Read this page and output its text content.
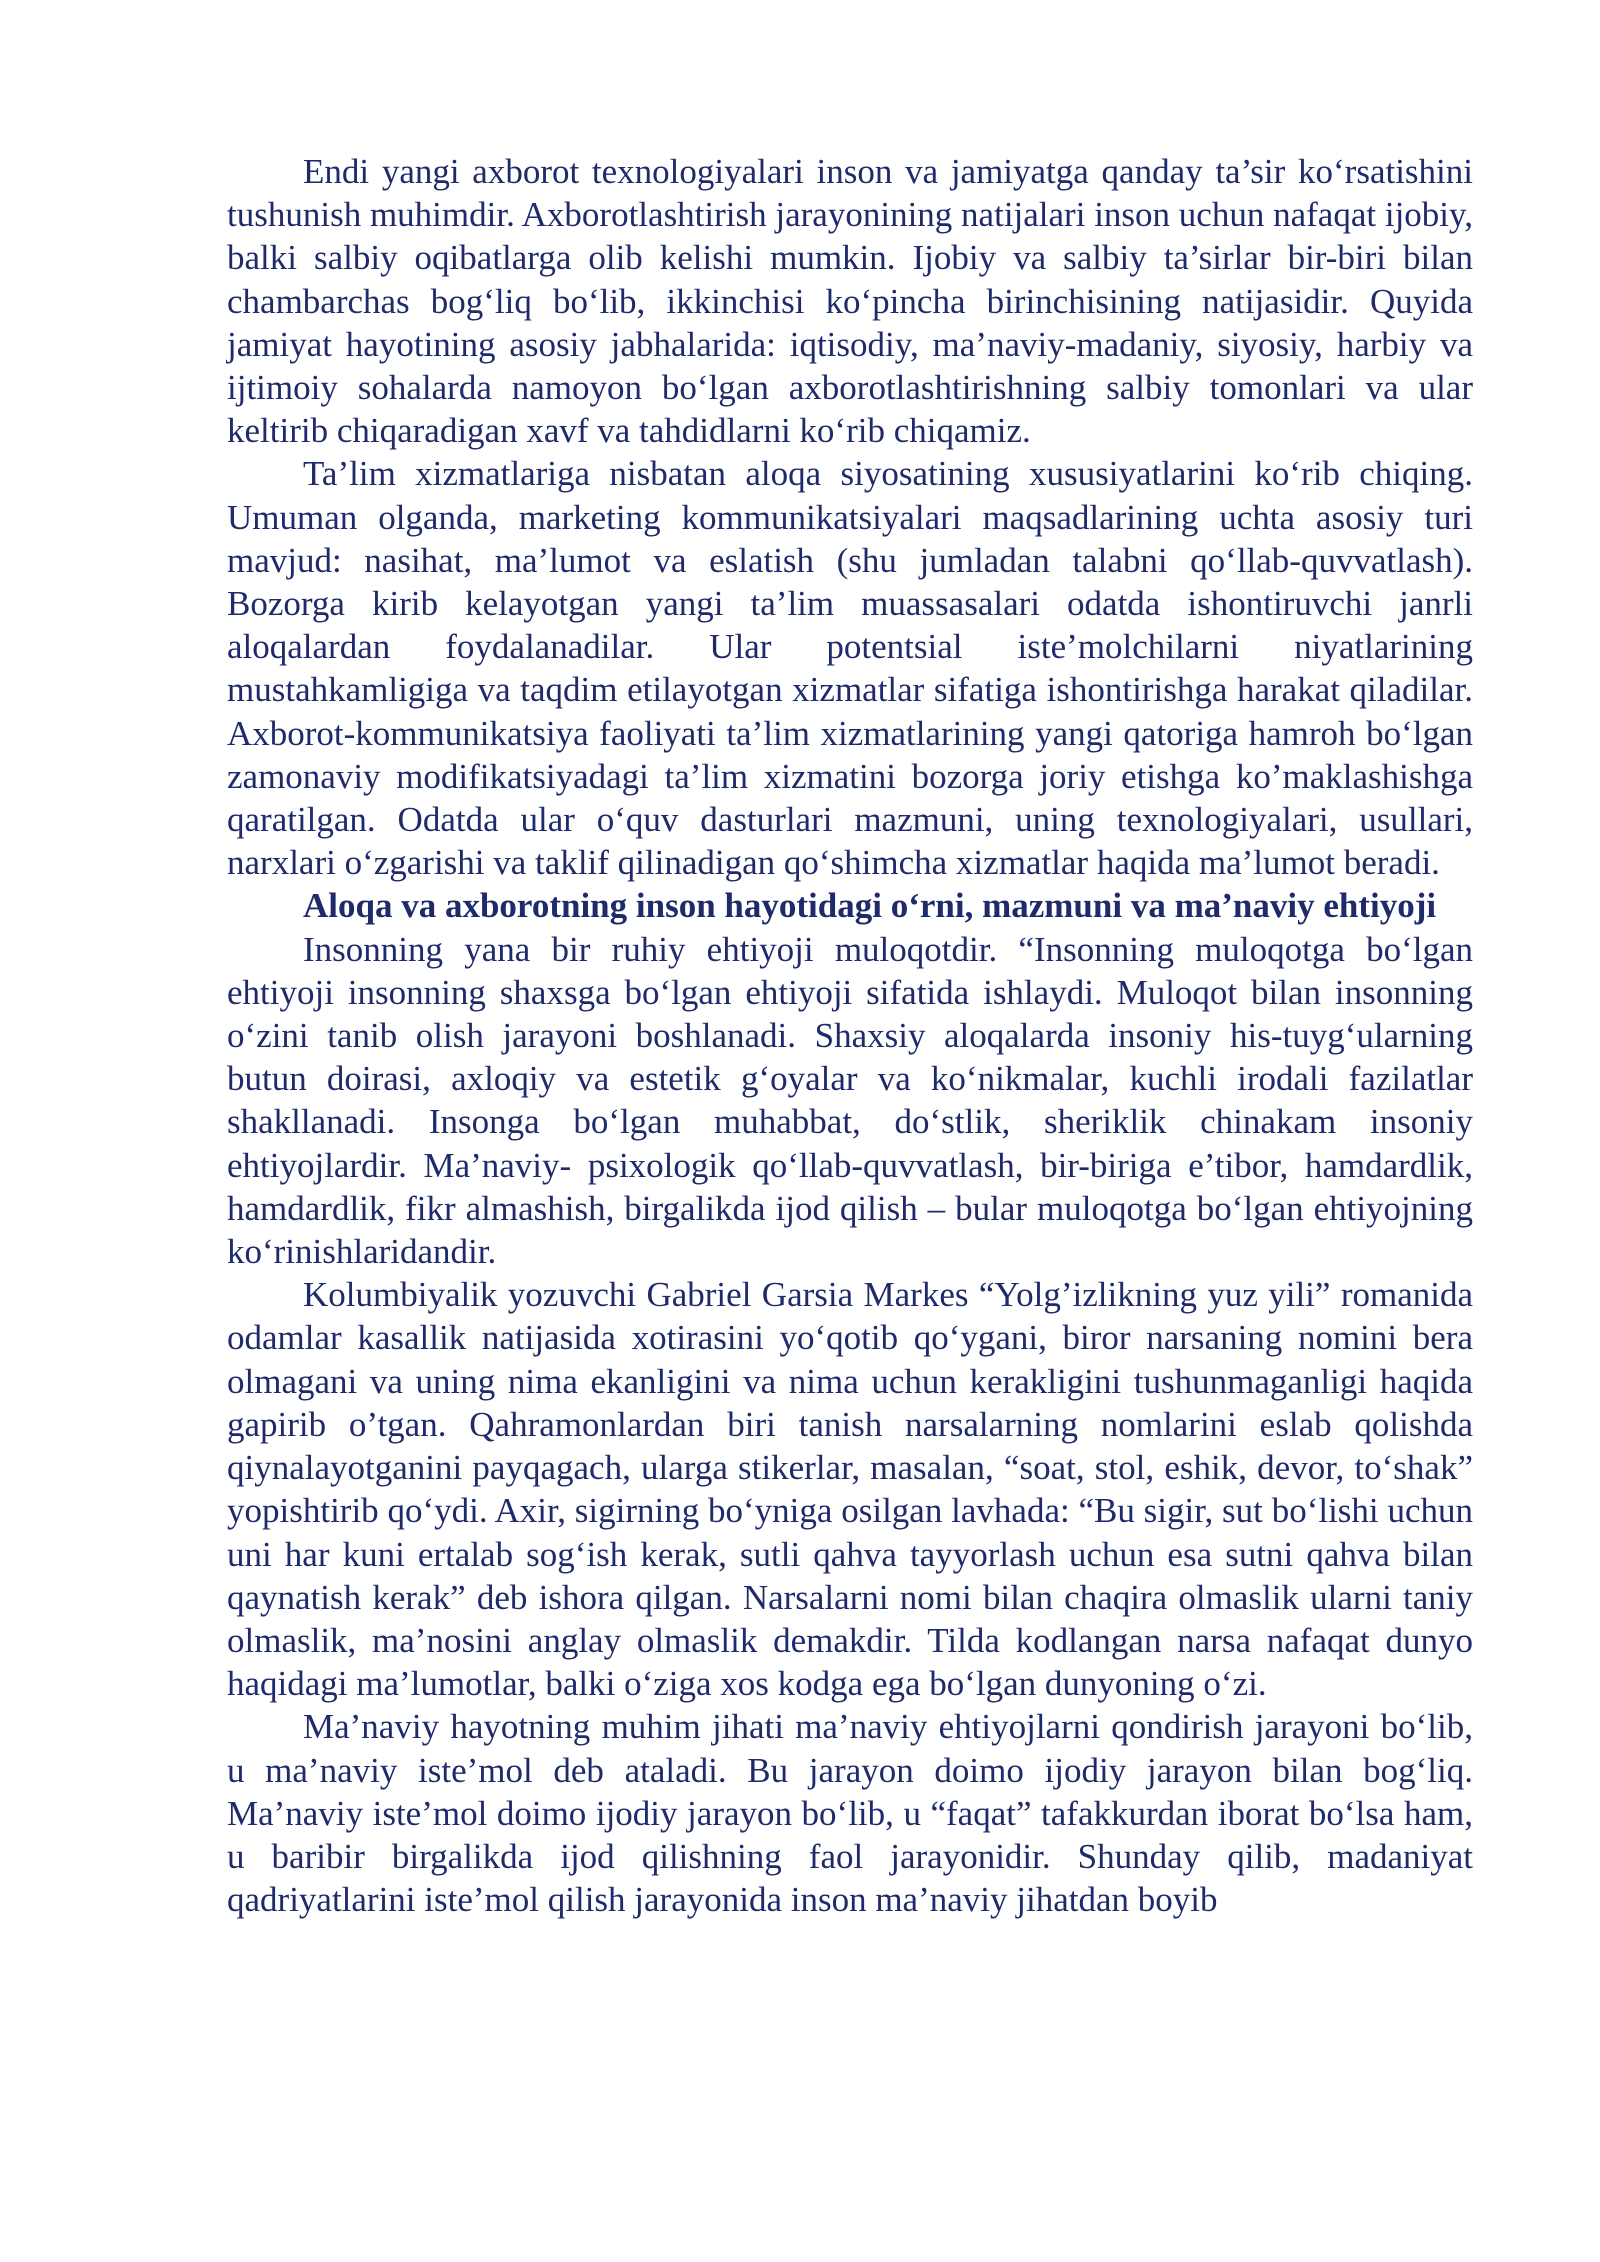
Endi yangi axborot texnologiyalari inson va jamiyatga qanday ta’sir ko‘rsatishini tushunish muhimdir. Axborotlashtirish jarayonining natijalari inson uchun nafaqat ijobiy, balki salbiy oqibatlarga olib kelishi mumkin. Ijobiy va salbiy ta’sirlar bir-biri bilan chambarchas bog‘liq bo‘lib, ikkinchisi ko‘pincha birinchisining natijasidir. Quyida jamiyat hayotining asosiy jabhalarida: iqtisodiy, ma’naviy-madaniy, siyosiy, harbiy va ijtimoiy sohalarda namoyon bo‘lgan axborotlashtirishning salbiy tomonlari va ular keltirib chiqaradigan xavf va tahdidlarni ko‘rib chiqamiz.

Ta’lim xizmatlariga nisbatan aloqa siyosatining xususiyatlarini ko‘rib chiqing. Umuman olganda, marketing kommunikatsiyalari maqsadlarining uchta asosiy turi mavjud: nasihat, ma’lumot va eslatish (shu jumladan talabni qo‘llab-quvvatlash). Bozorga kirib kelayotgan yangi ta’lim muassasalari odatda ishontiruvchi janrli aloqalardan foydalanadilar. Ular potentsial iste’molchilarni niyatlarining mustahkamligiga va taqdim etilayotgan xizmatlar sifatiga ishontirishga harakat qiladilar. Axborot-kommunikatsiya faoliyati ta’lim xizmatlarining yangi qatoriga hamroh bo‘lgan zamonaviy modifikatsiyadagi ta’lim xizmatini bozorga joriy etishga ko’maklashishga qaratilgan. Odatda ular o‘quv dasturlari mazmuni, uning texnologiyalari, usullari, narxlari o‘zgarishi va taklif qilinadigan qo‘shimcha xizmatlar haqida ma’lumot beradi.

Aloqa va axborotning inson hayotidagi o‘rni, mazmuni va ma’naviy ehtiyoji

Insonning yana bir ruhiy ehtiyoji muloqotdir. “Insonning muloqotga bo‘lgan ehtiyoji insonning shaxsga bo‘lgan ehtiyoji sifatida ishlaydi. Muloqot bilan insonning o‘zini tanib olish jarayoni boshlanadi. Shaxsiy aloqalarda insoniy his-tuyg‘ularning butun doirasi, axloqiy va estetik g‘oyalar va ko‘nikmalar, kuchli irodali fazilatlar shakllanadi. Insonga bo‘lgan muhabbat, do‘stlik, sheriklik chinakam insoniy ehtiyojlardir. Ma’naviy- psixologik qo‘llab-quvvatlash, bir-biriga e’tibor, hamdardlik, hamdardlik, fikr almashish, birgalikda ijod qilish – bular muloqotga bo‘lgan ehtiyojning ko‘rinishlaridandir.

Kolumbiyalik yozuvchi Gabriel Garsia Markes “Yolg’izlikning yuz yili” romanida odamlar kasallik natijasida xotirasini yo‘qotib qo‘ygani, biror narsaning nomini bera olmagani va uning nima ekanligini va nima uchun kerakligini tushunmaganligi haqida gapirib o’tgan. Qahramonlardan biri tanish narsalarning nomlarini eslab qolishda qiynalayotganini payqagach, ularga stikerlar, masalan, “soat, stol, eshik, devor, to‘shak” yopishtirib qo‘ydi. Axir, sigirning bo‘yniga osilgan lavhada: “Bu sigir, sut bo‘lishi uchun uni har kuni ertalab sog‘ish kerak, sutli qahva tayyorlash uchun esa sutni qahva bilan qaynatish kerak” deb ishora qilgan. Narsalarni nomi bilan chaqira olmaslik ularni taniy olmaslik, ma’nosini anglay olmaslik demakdir. Tilda kodlangan narsa nafaqat dunyo haqidagi ma’lumotlar, balki o‘ziga xos kodga ega bo‘lgan dunyoning o‘zi.

Ma’naviy hayotning muhim jihati ma’naviy ehtiyojlarni qondirish jarayoni bo‘lib, u ma’naviy iste’mol deb ataladi. Bu jarayon doimo ijodiy jarayon bilan bog‘liq. Ma’naviy iste’mol doimo ijodiy jarayon bo‘lib, u “faqat” tafakkurdan iborat bo‘lsa ham, u baribir birgalikda ijod qilishning faol jarayonidir. Shunday qilib, madaniyat qadriyatlarini iste’mol qilish jarayonida inson ma’naviy jihatdan boyib
